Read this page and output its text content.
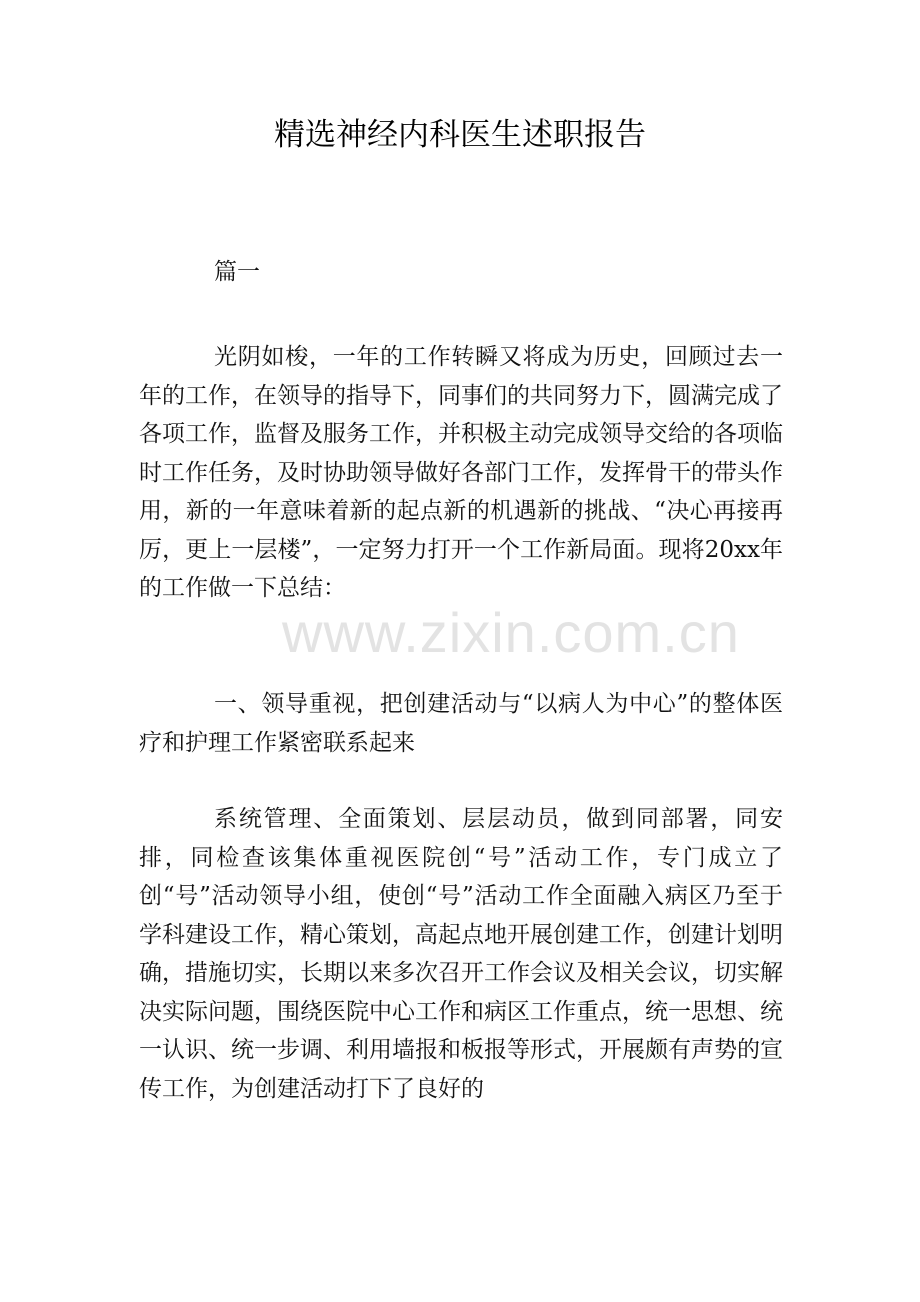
www.zixin.com.cn
精选神经内科医生述职报告

篇一

光阴如梭，一年的工作转瞬又将成为历史，回顾过去一年的工作，在领导的指导下，同事们的共同努力下，圆满完成了各项工作，监督及服务工作，并积极主动完成领导交给的各项临时工作任务，及时协助领导做好各部门工作，发挥骨干的带头作用，新的一年意味着新的起点新的机遇新的挑战、“决心再接再厉，更上一层楼”，一定努力打开一个工作新局面。现将20xx年的工作做一下总结：

一、领导重视，把创建活动与“以病人为中心”的整体医疗和护理工作紧密联系起来

系统管理、全面策划、层层动员，做到同部署，同安排，同检查该集体重视医院创“号”活动工作，专门成立了创“号”活动领导小组，使创“号”活动工作全面融入病区乃至于学科建设工作，精心策划，高起点地开展创建工作，创建计划明确，措施切实，长期以来多次召开工作会议及相关会议，切实解决实际问题，围绕医院中心工作和病区工作重点，统一思想、统一认识、统一步调、利用墙报和板报等形式，开展颇有声势的宣传工作，为创建活动打下了良好的
